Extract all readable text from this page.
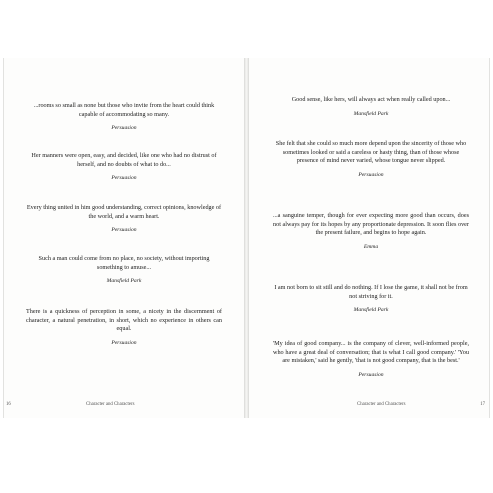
...rooms so small as none but those who invite from the heart could think capable of accommodating so many.

Persuasion

Her manners were open, easy, and decided, like one who had no distrust of herself, and no doubts of what to do...

Persuasion

Every thing united in him good understanding, correct opinions, knowledge of the world, and a warm heart.

Persuasion

Such a man could come from no place, no society, without importing something to amuse...

Mansfield Park

There is a quickness of perception in some, a nicety in the discernment of character, a natural penetration, in short, which no experience in others can equal.

Persuasion

16	Character and Characters

Good sense, like hers, will always act when really called upon...

Mansfield Park

She felt that she could so much more depend upon the sincerity of those who sometimes looked or said a careless or hasty thing, than of those whose presence of mind never varied, whose tongue never slipped.

Persuasion

...a sanguine temper, though for ever expecting more good than occurs, does not always pay for its hopes by any proportionate depression. It soon flies over the present failure, and begins to hope again.

Emma

I am not born to sit still and do nothing. If I lose the game, it shall not be from not striving for it.

Mansfield Park

'My idea of good company... is the company of clever, well-informed people, who have a great deal of conversation; that is what I call good company.' 'You are mistaken,' said he gently, 'that is not good company, that is the best.'

Persuasion

Character and Characters	17
